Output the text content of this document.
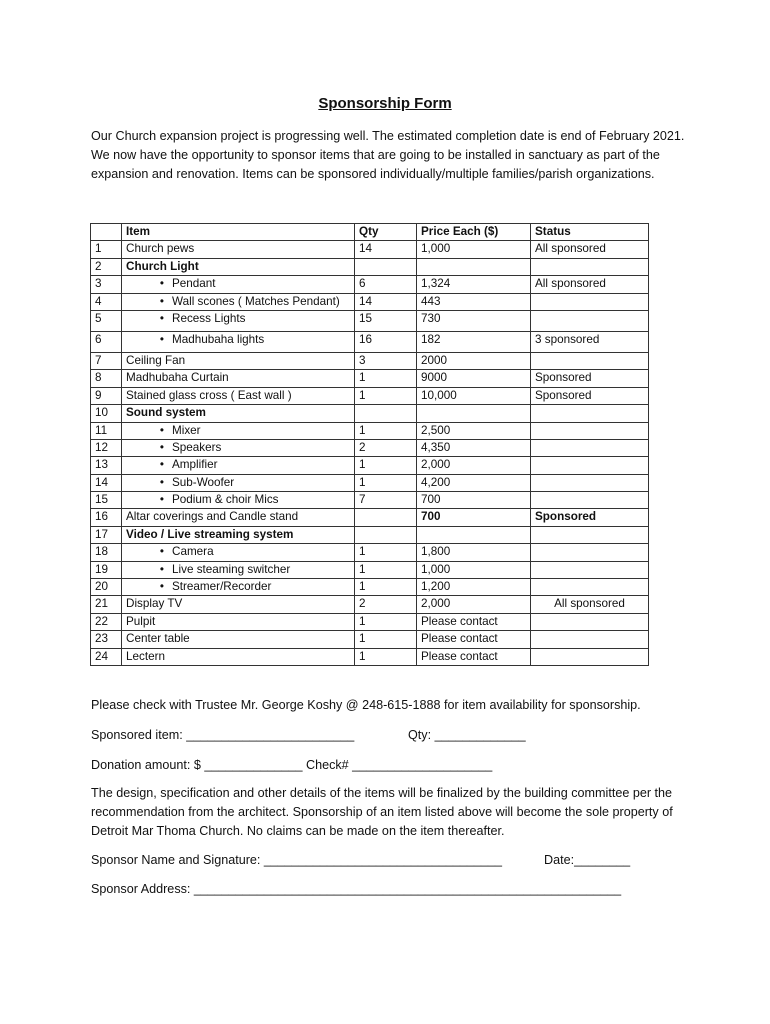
Sponsorship Form
Our Church expansion project is progressing well. The estimated completion date is end of February 2021. We now have the opportunity to sponsor items that are going to be installed in sanctuary as part of the expansion and renovation. Items can be sponsored individually/multiple families/parish organizations.
	Item	Qty	Price Each ($)	Status
1	Church pews	14	1,000	All sponsored
2	Church Light			
3	• Pendant	6	1,324	All sponsored
4	• Wall scones ( Matches Pendant)	14	443	
5	• Recess Lights	15	730	
6	• Madhubaha lights	16	182	3 sponsored
7	Ceiling Fan	3	2000	
8	Madhubaha Curtain	1	9000	Sponsored
9	Stained glass cross ( East wall )	1	10,000	Sponsored
10	Sound system			
11	• Mixer	1	2,500	
12	• Speakers	2	4,350	
13	• Amplifier	1	2,000	
14	• Sub-Woofer	1	4,200	
15	• Podium & choir Mics	7	700	
16	Altar coverings and Candle stand		700	Sponsored
17	Video / Live streaming system			
18	• Camera	1	1,800	
19	• Live steaming switcher	1	1,000	
20	• Streamer/Recorder	1	1,200	
21	Display TV	2	2,000	All sponsored
22	Pulpit	1	Please contact	
23	Center table	1	Please contact	
24	Lectern	1	Please contact	
Please check with Trustee Mr. George Koshy @ 248-615-1888 for item availability for sponsorship.
Sponsored item: ________________________	Qty: _____________
Donation amount: $ ______________ Check# ____________________
The design, specification and other details of the items will be finalized by the building committee per the recommendation from the architect. Sponsorship of an item listed above will become the sole property of Detroit Mar Thoma Church. No claims can be made on the item thereafter.
Sponsor Name and Signature: __________________________________	Date:________
Sponsor Address: _____________________________________________________________
